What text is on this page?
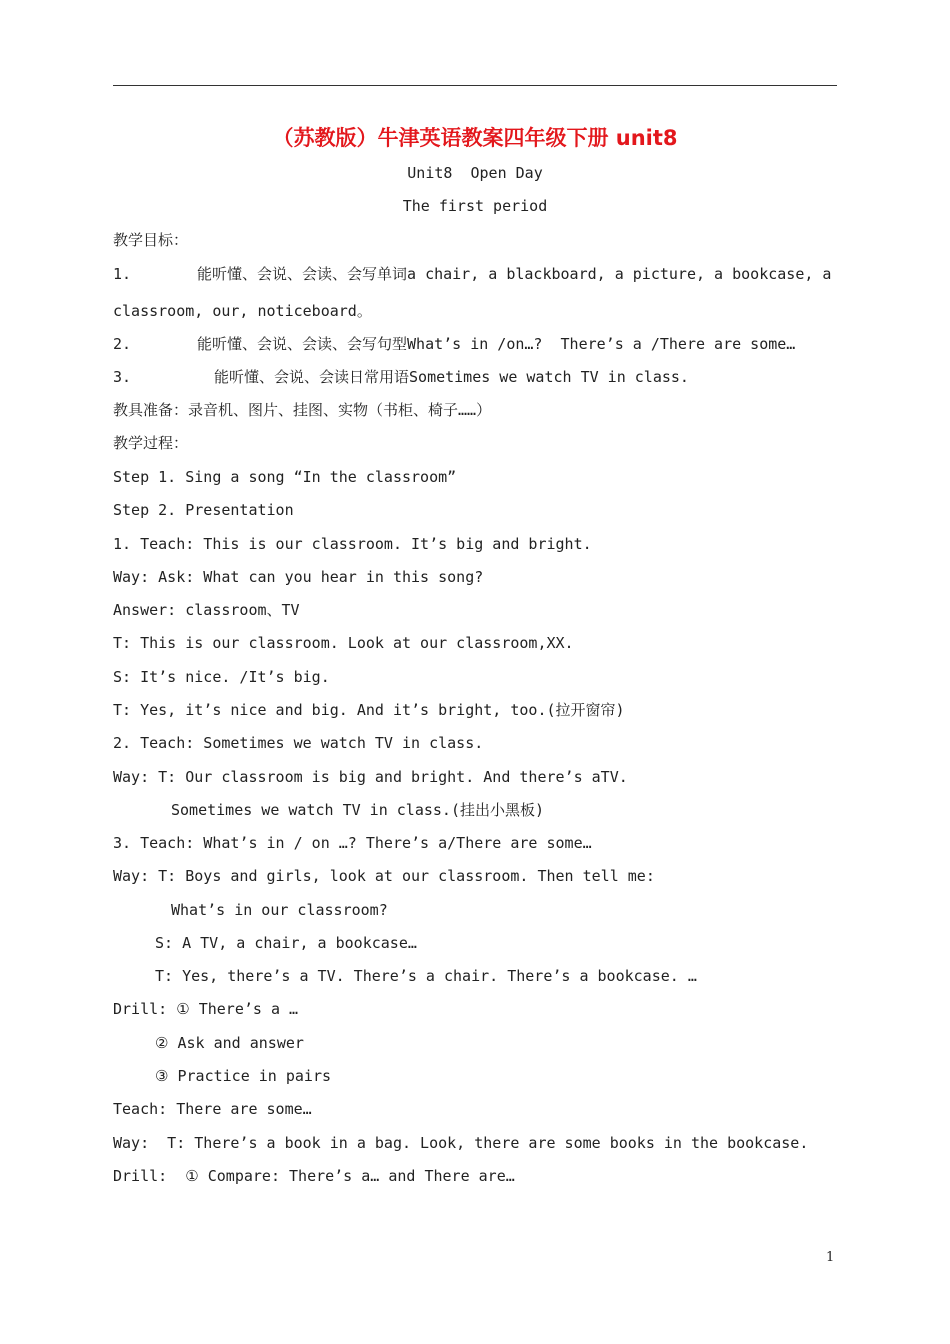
（苏教版）牛津英语教案四年级下册 unit8
Unit8  Open Day
The first period
教学目标：
1.	能听懂、会说、会读、会写单词a chair, a blackboard, a picture, a bookcase, a
classroom, our, noticeboard。
2.	能听懂、会说、会读、会写句型What’s in /on…?  There’s a /There are some…
3.	能听懂、会说、会读日常用语Sometimes we watch TV in class.
教具准备：录音机、图片、挂图、实物（书柜、椅子……）
教学过程：
Step 1. Sing a song “In the classroom”
Step 2. Presentation
1. Teach: This is our classroom. It’s big and bright.
Way: Ask: What can you hear in this song?
Answer: classroom、TV
T: This is our classroom. Look at our classroom,XX.
S: It’s nice. /It’s big.
T: Yes, it’s nice and big. And it’s bright, too.(拉开窗帘)
2. Teach: Sometimes we watch TV in class.
Way: T: Our classroom is big and bright. And there’s aTV.
Sometimes we watch TV in class.(挂出小黑板)
3. Teach: What’s in / on …? There’s a/There are some…
Way: T: Boys and girls, look at our classroom. Then tell me:
What’s in our classroom?
S: A TV, a chair, a bookcase…
T: Yes, there’s a TV. There’s a chair. There’s a bookcase. …
Drill: ① There’s a …
② Ask and answer
③ Practice in pairs
Teach: There are some…
Way:  T: There’s a book in a bag. Look, there are some books in the bookcase.
Drill:  ① Compare: There’s a… and There are…
1
